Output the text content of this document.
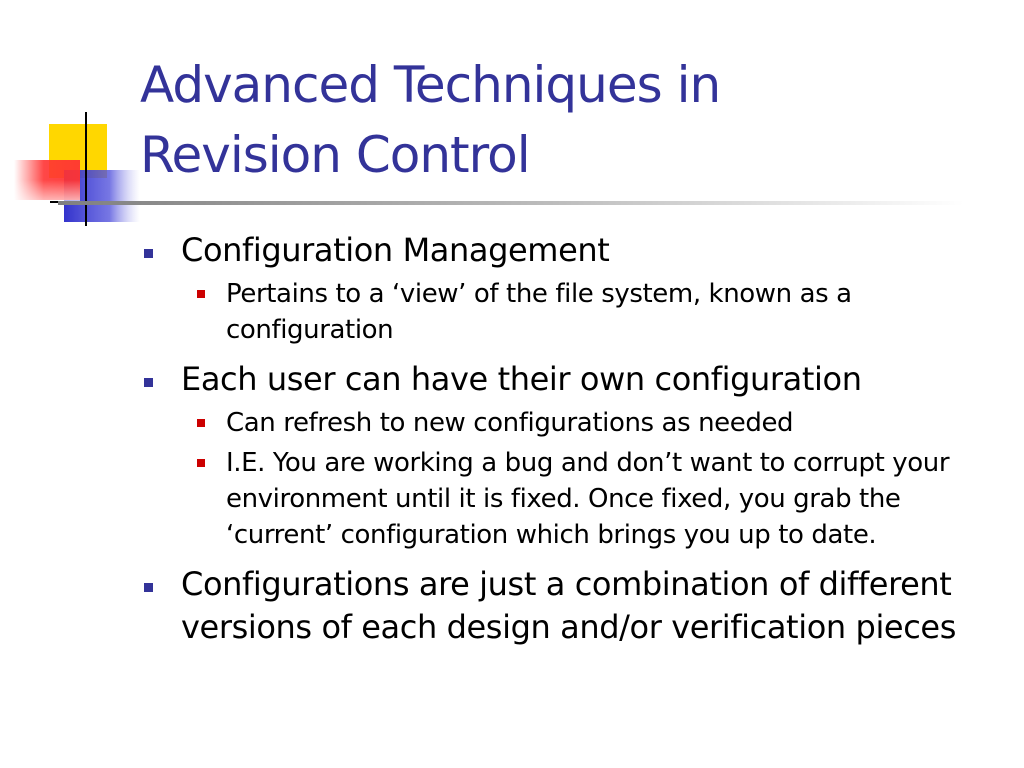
Advanced Techniques in
Revision Control
Configuration Management
Pertains to a ‘view’ of the file system, known as a configuration
Each user can have their own configuration
Can refresh to new configurations as needed
I.E. You are working a bug and don’t want to corrupt your environment until it is fixed. Once fixed, you grab the ‘current’ configuration which brings you up to date.
Configurations are just a combination of different versions of each design and/or verification pieces
